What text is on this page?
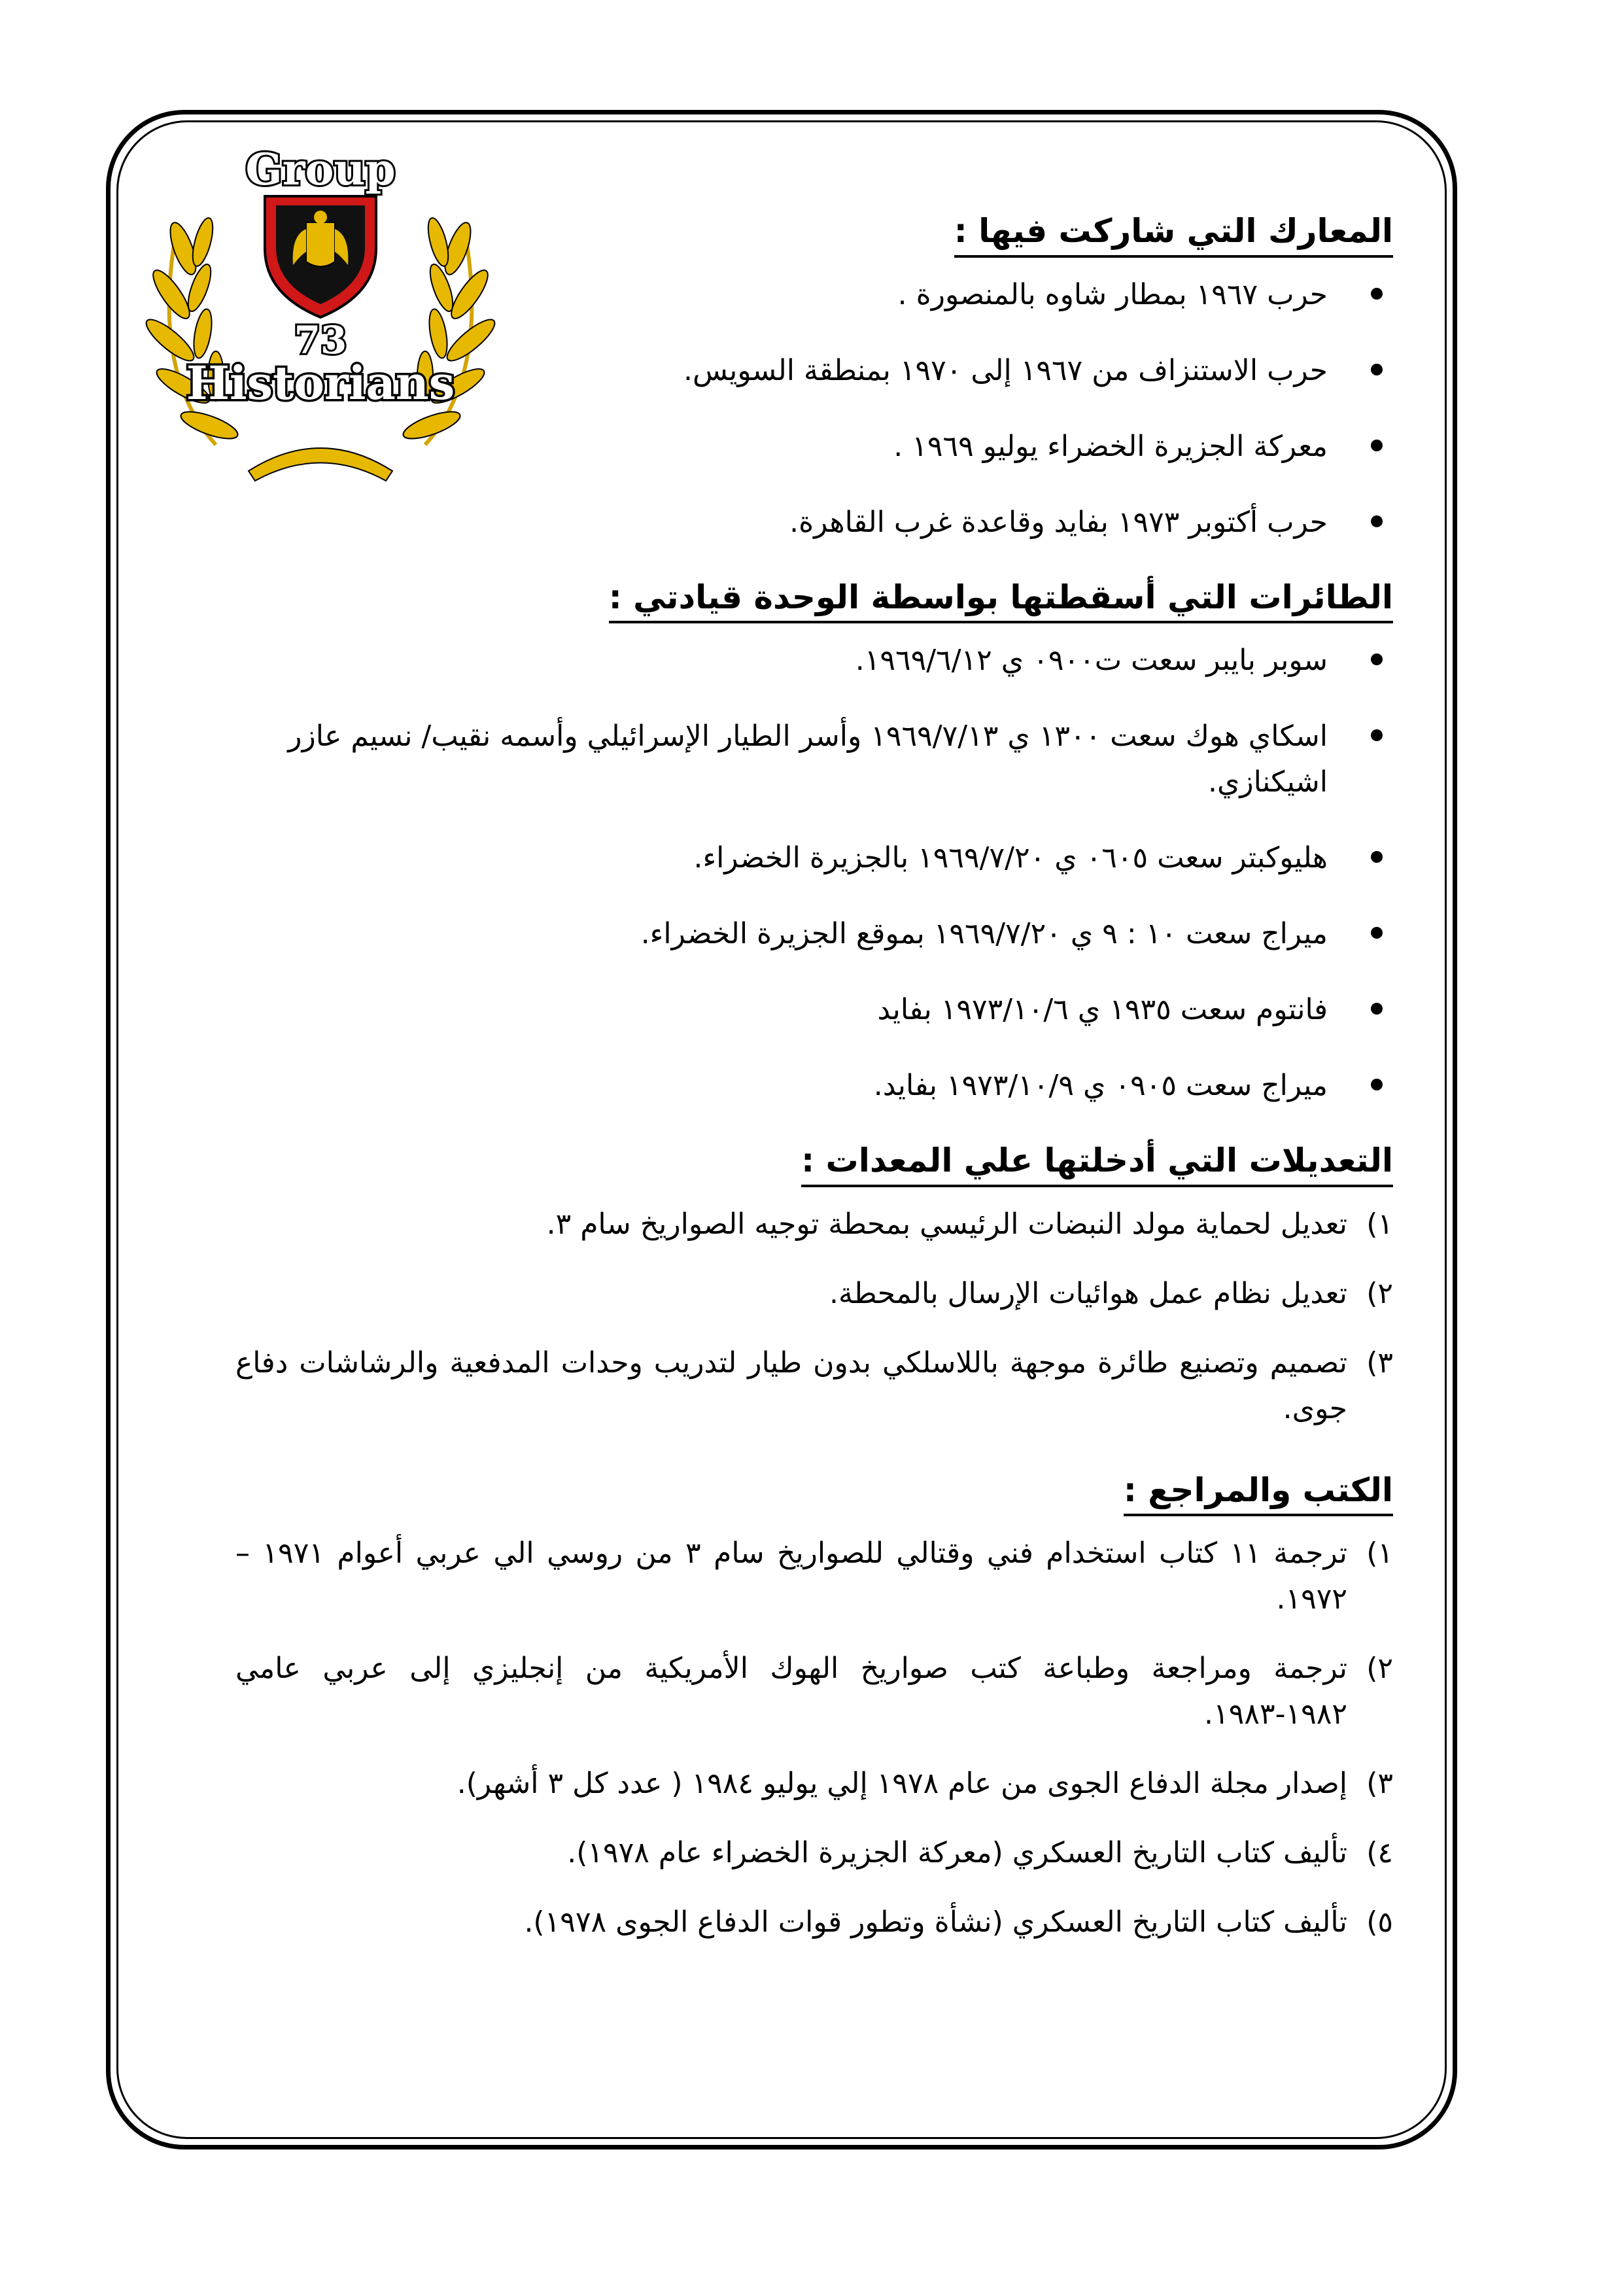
Group
73
Historians
المعارك التي شاركت فيها :
حرب ١٩٦٧ بمطار شاوه بالمنصورة .
حرب الاستنزاف من ١٩٦٧ إلى ١٩٧٠ بمنطقة السويس.
معركة الجزيرة الخضراء يوليو ١٩٦٩ .
حرب أكتوبر ١٩٧٣ بفايد وقاعدة غرب القاهرة.
الطائرات التي أسقطتها بواسطة الوحدة قيادتي :
سوبر بايبر سعت ت٠٩٠٠ ي ١٩٦٩/٦/١٢.
اسكاي هوك سعت ١٣٠٠ ي ١٩٦٩/٧/١٣ وأسر الطيار الإسرائيلي وأسمه نقيب/ نسيم عازر اشيكنازي.
هليوكبتر سعت ٠٦٠٥ ي ١٩٦٩/٧/٢٠ بالجزيرة الخضراء.
ميراج سعت ١٠ : ٩ ي ١٩٦٩/٧/٢٠ بموقع الجزيرة الخضراء.
فانتوم سعت ١٩٣٥ ي ١٩٧٣/١٠/٦ بفايد
ميراج سعت ٠٩٠٥ ي ١٩٧٣/١٠/٩ بفايد.
التعديلات التي أدخلتها علي المعدات :
١)
تعديل لحماية مولد النبضات الرئيسي بمحطة توجيه الصواريخ سام ٣.
٢)
تعديل نظام عمل هوائيات الإرسال بالمحطة.
٣)
تصميم وتصنيع طائرة موجهة باللاسلكي بدون طيار لتدريب وحدات المدفعية والرشاشات دفاع جوى.
الكتب والمراجع :
١)
ترجمة ١١ كتاب استخدام فني وقتالي للصواريخ سام ٣ من روسي الي عربي أعوام ١٩٧١ – ١٩٧٢.
٢)
ترجمة ومراجعة وطباعة كتب صواريخ الهوك الأمريكية من إنجليزي إلى عربي عامي ١٩٨٢-١٩٨٣.
٣)
إصدار مجلة الدفاع الجوى من عام ١٩٧٨ إلي يوليو ١٩٨٤ ( عدد كل ٣ أشهر).
٤)
تأليف كتاب التاريخ العسكري (معركة الجزيرة الخضراء عام ١٩٧٨).
٥)
تأليف كتاب التاريخ العسكري (نشأة وتطور قوات الدفاع الجوى ١٩٧٨).
